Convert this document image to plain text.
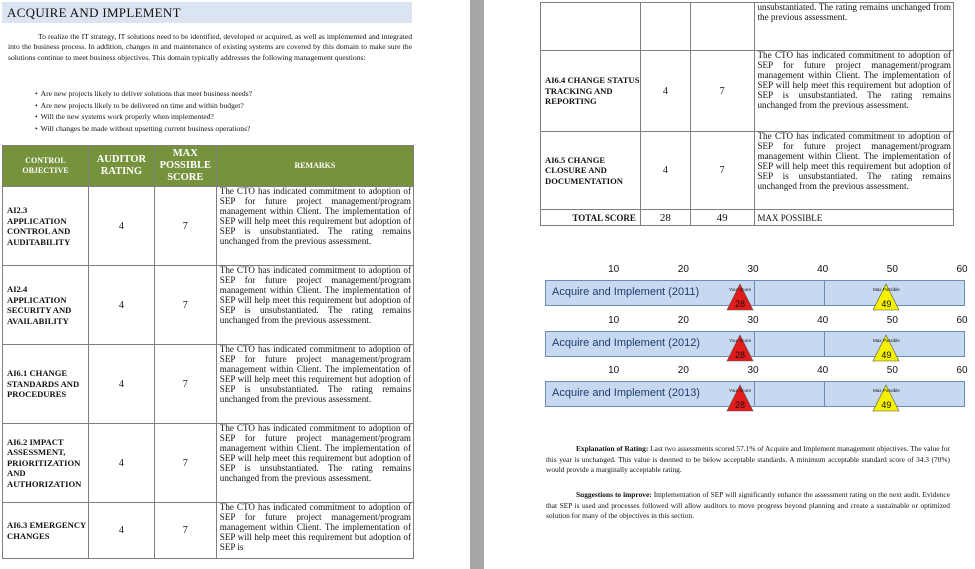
ACQUIRE AND IMPLEMENT
To realize the IT strategy, IT solutions need to be identified, developed or acquired, as well as implemented and integrated into the business process. In addition, changes in and maintenance of existing systems are covered by this domain to make sure the solutions continue to meet business objectives. This domain typically addresses the following management questions:
• Are new projects likely to deliver solutions that meet business needs?
• Are new projects likely to be delivered on time and within budget?
• Will the new systems work properly when implemented?
• Will changes be made without upsetting current business operations?
CONTROL OBJECTIVE	AUDITOR RATING	MAX POSSIBLE SCORE	REMARKS
AI2.3 APPLICATION CONTROL AND AUDITABILITY	4	7	The CTO has indicated commitment to adoption of SEP for future project management/program management within Client. The implementation of SEP will help meet this requirement but adoption of SEP is unsubstantiated. The rating remains unchanged from the previous assessment.

AI2.4 APPLICATION SECURITY AND AVAILABILITY	4	7	The CTO has indicated commitment to adoption of SEP for future project management/program management within Client. The implementation of SEP will help meet this requirement but adoption of SEP is unsubstantiated. The rating remains unchanged from the previous assessment.

AI6.1 CHANGE STANDARDS AND PROCEDURES	4	7	The CTO has indicated commitment to adoption of SEP for future project management/program management within Client. The implementation of SEP will help meet this requirement but adoption of SEP is unsubstantiated. The rating remains unchanged from the previous assessment.

AI6.2 IMPACT ASSESSMENT, PRIORITIZATION AND AUTHORIZATION	4	7	The CTO has indicated commitment to adoption of SEP for future project management/program management within Client. The implementation of SEP will help meet this requirement but adoption of SEP is unsubstantiated. The rating remains unchanged from the previous assessment.

AI6.3 EMERGENCY CHANGES	4	7	The CTO has indicated commitment to adoption of SEP for future project management/program management within Client. The implementation of SEP will help meet this requirement but adoption of SEP is
			unsubstantiated. The rating remains unchanged from the previous assessment.
AI6.4 CHANGE STATUS TRACKING AND REPORTING	4	7	The CTO has indicated commitment to adoption of SEP for future project management/program management within Client. The implementation of SEP will help meet this requirement but adoption of SEP is unsubstantiated. The rating remains unchanged from the previous assessment.

AI6.5 CHANGE CLOSURE AND DOCUMENTATION	4	7	The CTO has indicated commitment to adoption of SEP for future project management/program management within Client. The implementation of SEP will help meet this requirement but adoption of SEP is unsubstantiated. The rating remains unchanged from the previous assessment.

TOTAL SCORE	28	49	MAX POSSIBLE
10	20	30	40	50	60
Acquire and Implement (2011)	Your Score
28
Max Possible
49
10	20	30	40	50	60
Acquire and Implement (2012)	Your Score
28
Max Possible
49
10	20	30	40	50	60
Acquire and Implement (2013)	Your Score
28
Max Possible
49
Explanation of Rating: Last two assessments scored 57.1% of Acquire and Implement management objectives. The value for this year is unchanged. This value is deemed to be below acceptable standards. A minimum acceptable standard score of 34.3 (70%) would provide a marginally acceptable rating.
Suggestions to improve: Implementation of SEP will significantly enhance the assessment rating on the next audit. Evidence that SEP is used and processes followed will allow auditors to move progress beyond planning and create a sustainable or optimized solution for many of the objectives in this section.
